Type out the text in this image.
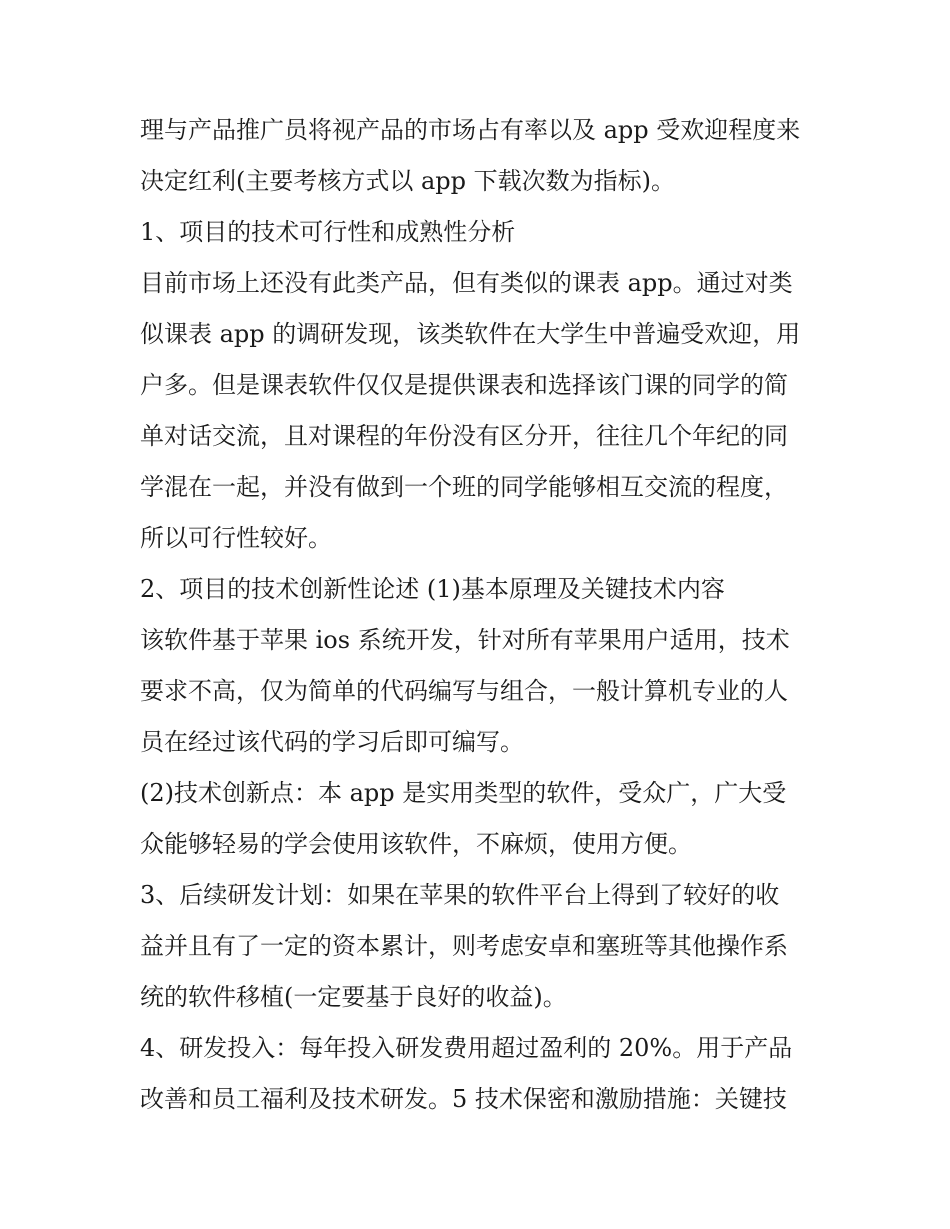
理与产品推广员将视产品的市场占有率以及 app 受欢迎程度来
决定红利(主要考核方式以 app 下载次数为指标)。
1、项目的技术可行性和成熟性分析
目前市场上还没有此类产品，但有类似的课表 app。通过对类
似课表 app 的调研发现，该类软件在大学生中普遍受欢迎，用
户多。但是课表软件仅仅是提供课表和选择该门课的同学的简
单对话交流，且对课程的年份没有区分开，往往几个年纪的同
学混在一起，并没有做到一个班的同学能够相互交流的程度，
所以可行性较好。
2、项目的技术创新性论述 (1)基本原理及关键技术内容
该软件基于苹果 ios 系统开发，针对所有苹果用户适用，技术
要求不高，仅为简单的代码编写与组合，一般计算机专业的人
员在经过该代码的学习后即可编写。
(2)技术创新点：本 app 是实用类型的软件，受众广，广大受
众能够轻易的学会使用该软件，不麻烦，使用方便。
3、后续研发计划：如果在苹果的软件平台上得到了较好的收
益并且有了一定的资本累计，则考虑安卓和塞班等其他操作系
统的软件移植(一定要基于良好的收益)。
4、研发投入：每年投入研发费用超过盈利的 20%。用于产品
改善和员工福利及技术研发。5 技术保密和激励措施：关键技
